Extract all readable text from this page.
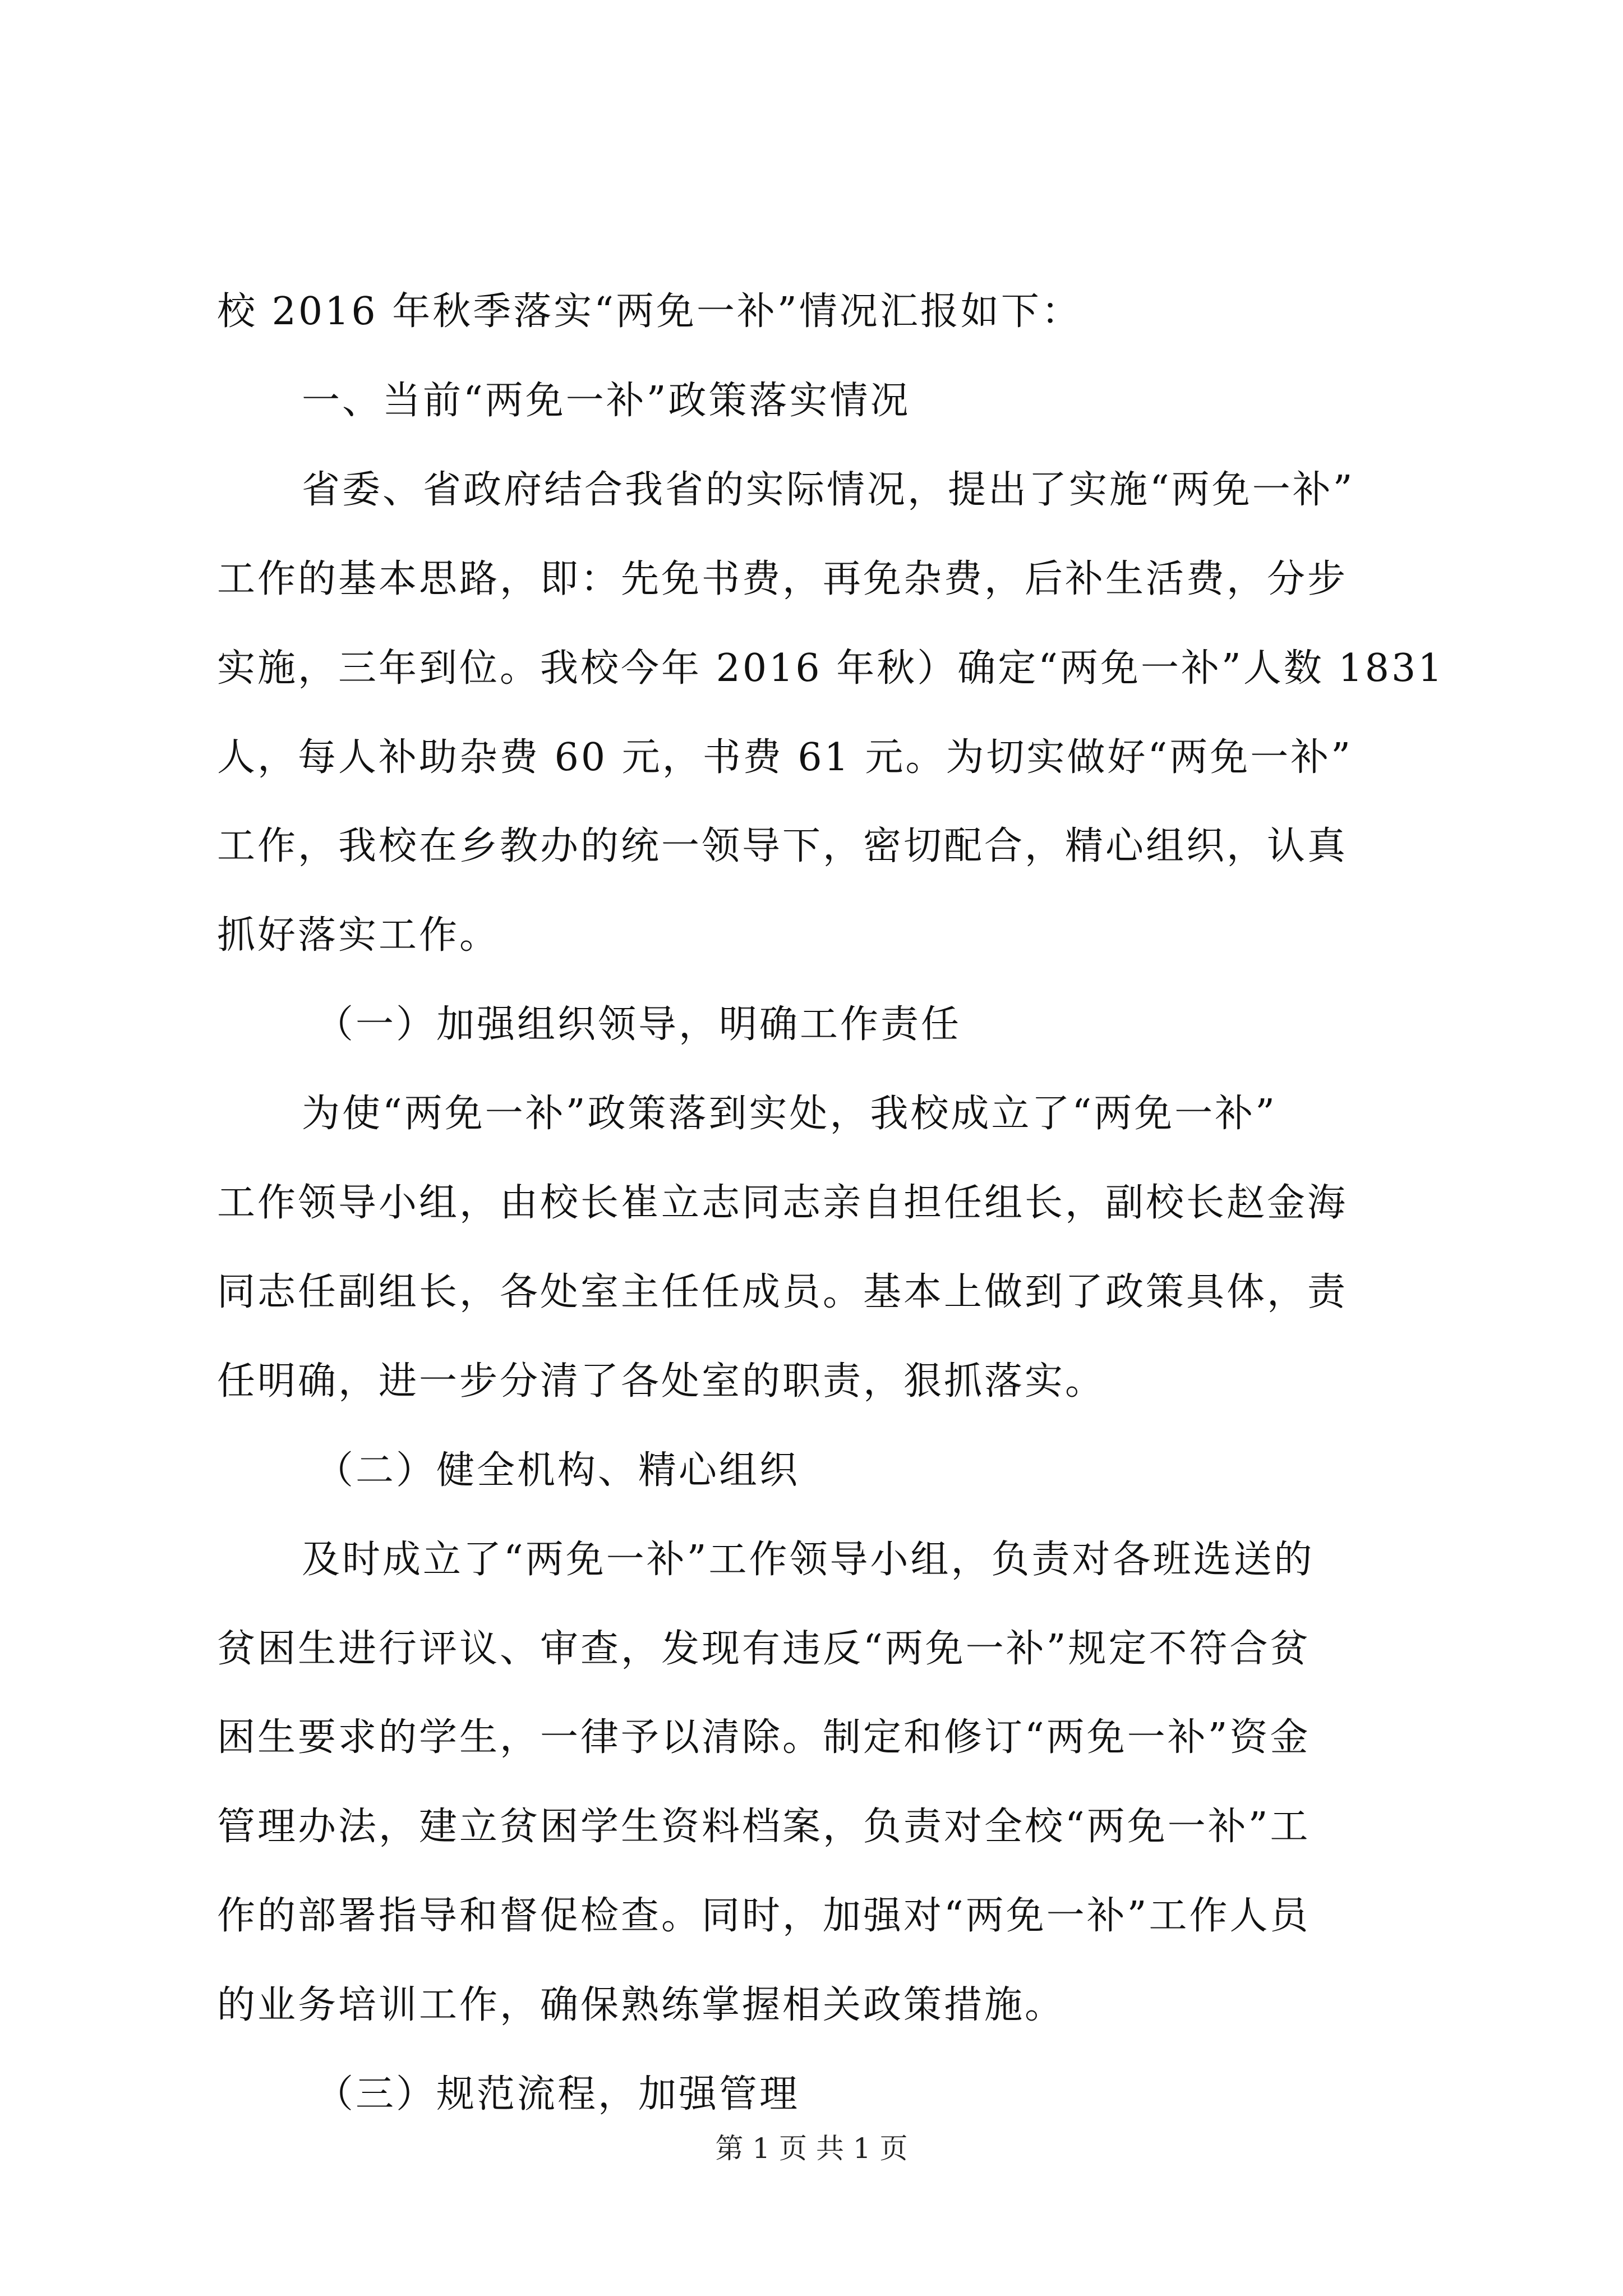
校 2016 年秋季落实“两免一补”情况汇报如下：
一、当前“两免一补”政策落实情况
省委、省政府结合我省的实际情况，提出了实施“两免一补”
工作的基本思路，即：先免书费，再免杂费，后补生活费，分步
实施，三年到位。我校今年 2016 年秋）确定“两免一补”人数 1831
人，每人补助杂费 60 元，书费 61 元。为切实做好“两免一补”
工作，我校在乡教办的统一领导下，密切配合，精心组织，认真
抓好落实工作。
（一）加强组织领导，明确工作责任
为使“两免一补”政策落到实处，我校成立了“两免一补”
工作领导小组，由校长崔立志同志亲自担任组长，副校长赵金海
同志任副组长，各处室主任任成员。基本上做到了政策具体，责
任明确，进一步分清了各处室的职责，狠抓落实。
（二）健全机构、精心组织
及时成立了“两免一补”工作领导小组，负责对各班选送的
贫困生进行评议、审查，发现有违反“两免一补”规定不符合贫
困生要求的学生，一律予以清除。制定和修订“两免一补”资金
管理办法，建立贫困学生资料档案，负责对全校“两免一补”工
作的部署指导和督促检查。同时，加强对“两免一补”工作人员
的业务培训工作，确保熟练掌握相关政策措施。
（三）规范流程，加强管理
第 1 页 共 1 页
